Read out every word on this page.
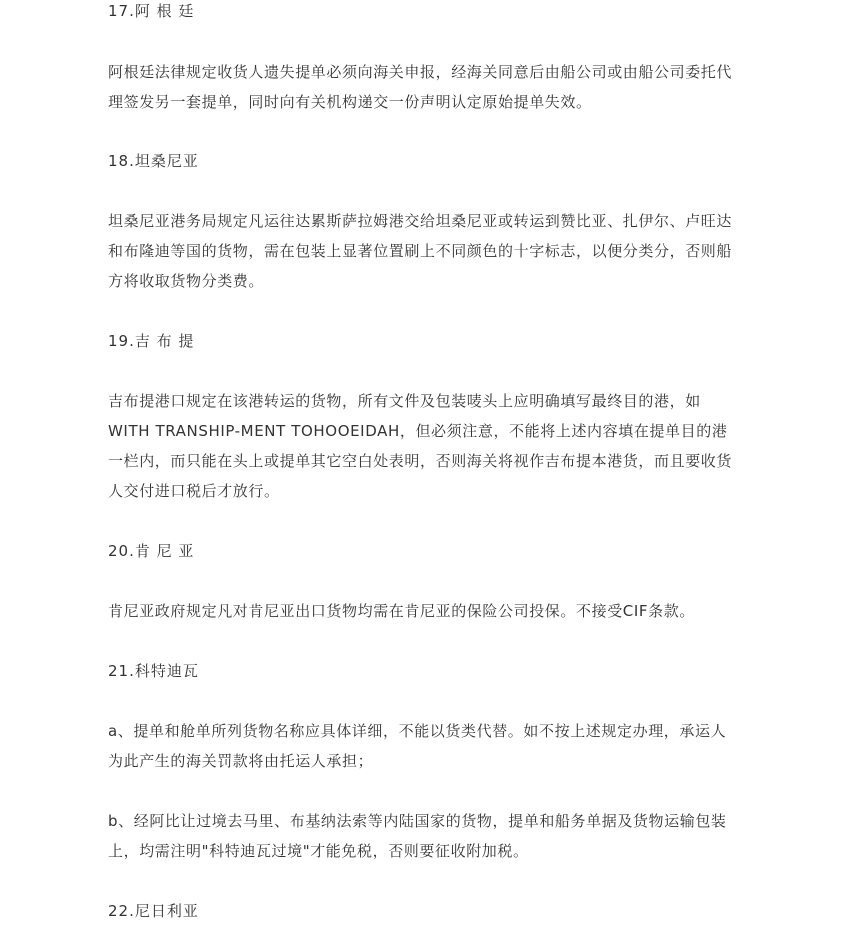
17.阿 根 廷

阿根廷法律规定收货人遗失提单必须向海关申报，经海关同意后由船公司或由船公司委托代
理签发另一套提单，同时向有关机构递交一份声明认定原始提单失效。

18.坦桑尼亚

坦桑尼亚港务局规定凡运往达累斯萨拉姆港交给坦桑尼亚或转运到赞比亚、扎伊尔、卢旺达
和布隆迪等国的货物，需在包装上显著位置刷上不同颜色的十字标志，以便分类分，否则船
方将收取货物分类费。

19.吉 布 提

吉布提港口规定在该港转运的货物，所有文件及包装唛头上应明确填写最终目的港，如
WITH TRANSHIP-MENT TOHOOEIDAH，但必须注意，不能将上述内容填在提单目的港
一栏内，而只能在头上或提单其它空白处表明，否则海关将视作吉布提本港货，而且要收货
人交付进口税后才放行。

20.肯 尼 亚

肯尼亚政府规定凡对肯尼亚出口货物均需在肯尼亚的保险公司投保。不接受CIF条款。

21.科特迪瓦

a、提单和舱单所列货物名称应具体详细，不能以货类代替。如不按上述规定办理，承运人
为此产生的海关罚款将由托运人承担；

b、经阿比让过境去马里、布基纳法索等内陆国家的货物，提单和船务单据及货物运输包装
上，均需注明"科特迪瓦过境"才能免税，否则要征收附加税。

22.尼日利亚
